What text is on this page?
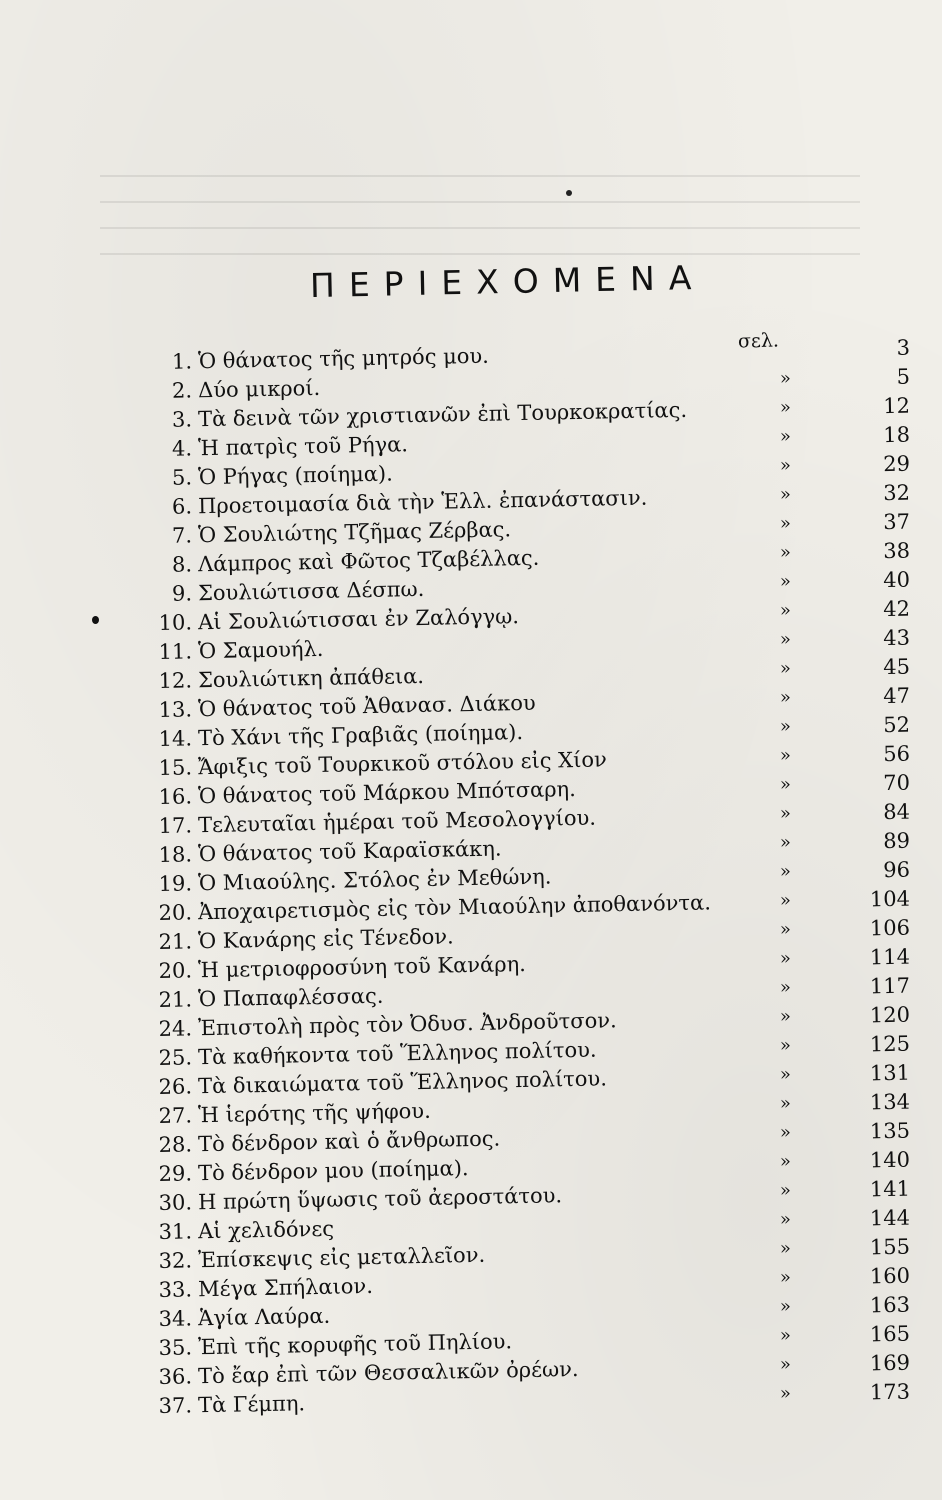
ΠΕΡΙΕΧΟΜΕΝΑ
σελ.
1. Ὁ θάνατος τῆς μητρός μου.	3
2. Δύο μικροί.	»	5
3. Τὰ δεινὰ τῶν χριστιανῶν ἐπὶ Τουρκοκρατίας.	»	12
4. Ἡ πατρὶς τοῦ Ρήγα.	»	18
5. Ὁ Ρήγας (ποίημα).	»	29
6. Προετοιμασία διὰ τὴν Ἑλλ. ἐπανάστασιν.	»	32
7. Ὁ Σουλιώτης Τζῆμας Ζέρβας.	»	37
8. Λάμπρος καὶ Φῶτος Τζαβέλλας.	»	38
9. Σουλιώτισσα Δέσπω.	»	40
10. Αἱ Σουλιώτισσαι ἐν Ζαλόγγῳ.	»	42
11. Ὁ Σαμουήλ.	»	43
12. Σουλιώτικη ἀπάθεια.	»	45
13. Ὁ θάνατος τοῦ Ἀθανασ. Διάκου	»	47
14. Τὸ Χάνι τῆς Γραβιᾶς (ποίημα).	»	52
15. Ἄφιξις τοῦ Τουρκικοῦ στόλου εἰς Χίον	»	56
16. Ὁ θάνατος τοῦ Μάρκου Μπότσαρη.	»	70
17. Τελευταῖαι ἡμέραι τοῦ Μεσολογγίου.	»	84
18. Ὁ θάνατος τοῦ Καραϊσκάκη.	»	89
19. Ὁ Μιαούλης. Στόλος ἐν Μεθώνη.	»	96
20. Ἀποχαιρετισμὸς εἰς τὸν Μιαούλην ἀποθανόντα.	»	104
21. Ὁ Κανάρης εἰς Τένεδον.	»	106
20. Ἡ μετριοφροσύνη τοῦ Κανάρη.	»	114
21. Ὁ Παπαφλέσσας.	»	117
24. Ἐπιστολὴ πρὸς τὸν Ὀδυσ. Ἀνδροῦτσον.	»	120
25. Τὰ καθήκοντα τοῦ Ἕλληνος πολίτου.	»	125
26. Τὰ δικαιώματα τοῦ Ἕλληνος πολίτου.	»	131
27. Ἡ ἱερότης τῆς ψήφου.	»	134
28. Τὸ δένδρον καὶ ὁ ἄνθρωπος.	»	135
29. Τὸ δένδρον μου (ποίημα).	»	140
30. Η πρώτη ὕψωσις τοῦ ἀεροστάτου.	»	141
31. Αἱ χελιδόνες	»	144
32. Ἐπίσκεψις εἰς μεταλλεῖον.	»	155
33. Μέγα Σπήλαιον.	»	160
34. Ἁγία Λαύρα.	»	163
35. Ἐπὶ τῆς κορυφῆς τοῦ Πηλίου.	»	165
36. Τὸ ἔαρ ἐπὶ τῶν Θεσσαλικῶν ὀρέων.	»	169
37. Τὰ Γέμπη.	»	173
